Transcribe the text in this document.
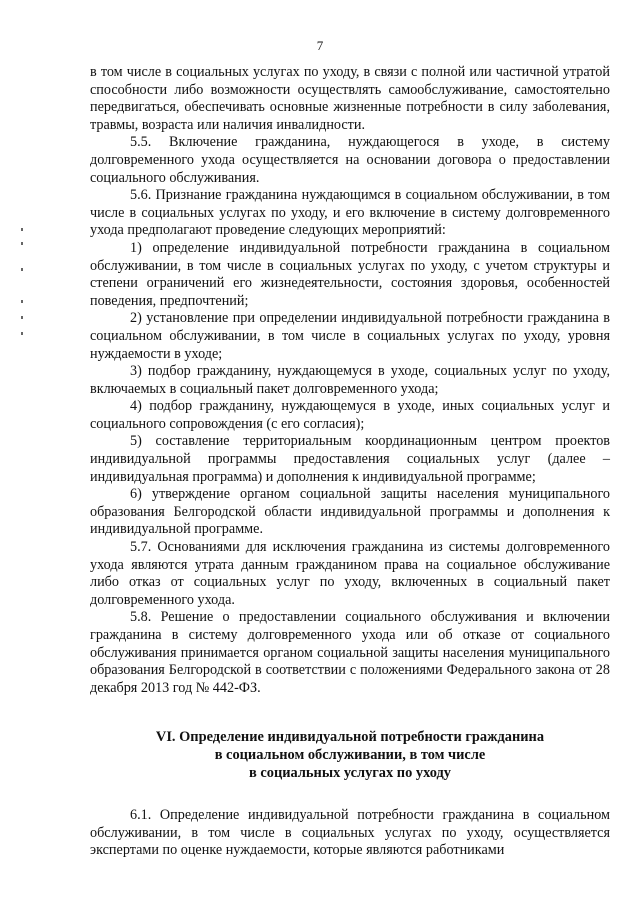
7

в том числе в социальных услугах по уходу, в связи с полной или частичной утратой способности либо возможности осуществлять самообслуживание, самостоятельно передвигаться, обеспечивать основные жизненные потребности в силу заболевания, травмы, возраста или наличия инвалидности.

5.5. Включение гражданина, нуждающегося в уходе, в систему долговременного ухода осуществляется на основании договора о предоставлении социального обслуживания.

5.6. Признание гражданина нуждающимся в социальном обслуживании, в том числе в социальных услугах по уходу, и его включение в систему долговременного ухода предполагают проведение следующих мероприятий:

1) определение индивидуальной потребности гражданина в социальном обслуживании, в том числе в социальных услугах по уходу, с учетом структуры и степени ограничений его жизнедеятельности, состояния здоровья, особенностей поведения, предпочтений;

2) установление при определении индивидуальной потребности гражданина в социальном обслуживании, в том числе в социальных услугах по уходу, уровня нуждаемости в уходе;

3) подбор гражданину, нуждающемуся в уходе, социальных услуг по уходу, включаемых в социальный пакет долговременного ухода;

4) подбор гражданину, нуждающемуся в уходе, иных социальных услуг и социального сопровождения (с его согласия);

5) составление территориальным координационным центром проектов индивидуальной программы предоставления социальных услуг (далее – индивидуальная программа) и дополнения к индивидуальной программе;

6) утверждение органом социальной защиты населения муниципального образования Белгородской области индивидуальной программы и дополнения к индивидуальной программе.

5.7. Основаниями для исключения гражданина из системы долговременного ухода являются утрата данным гражданином права на социальное обслуживание либо отказ от социальных услуг по уходу, включенных в социальный пакет долговременного ухода.

5.8. Решение о предоставлении социального обслуживания и включении гражданина в систему долговременного ухода или об отказе от социального обслуживания принимается органом социальной защиты населения муниципального образования Белгородской в соответствии с положениями Федерального закона от 28 декабря 2013 год № 442-ФЗ.

VI. Определение индивидуальной потребности гражданина
в социальном обслуживании, в том числе
в социальных услугах по уходу

6.1. Определение индивидуальной потребности гражданина в социальном обслуживании, в том числе в социальных услугах по уходу, осуществляется экспертами по оценке нуждаемости, которые являются работниками
